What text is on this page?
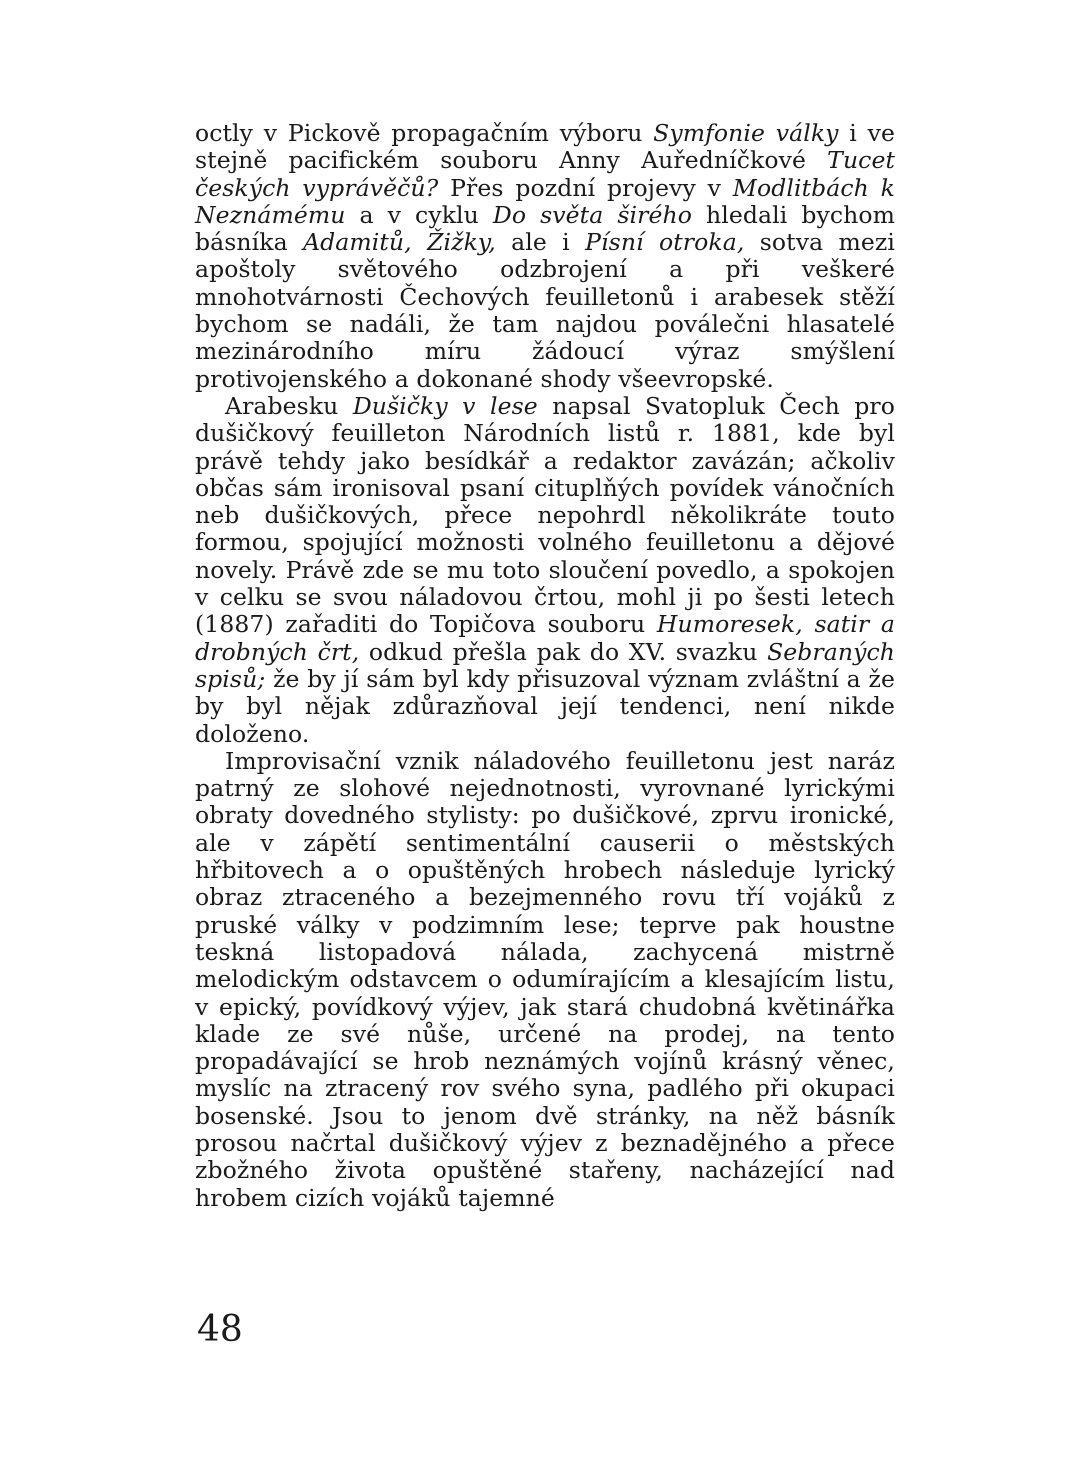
octly v Pickově propagačním výboru Symfonie války i ve stejně pacifickém souboru Anny Auředníčkové Tucet českých vyprávěčů? Přes pozdní projevy v Modlitbách k Neznámému a v cyklu Do světa širého hledali bychom básníka Adamitů, Žižky, ale i Písní otroka, sotva mezi apoštoly světového odzbrojení a při veškeré mnohotvárnosti Čechových feuilletonů i arabesek stěží bychom se nadáli, že tam najdou poválečni hlasatelé mezinárodního míru žádoucí výraz smýšlení protivojenského a dokonané shody všeevropské.

Arabesku Dušičky v lese napsal Svatopluk Čech pro dušičkový feuilleton Národních listů r. 1881, kde byl právě tehdy jako besídkář a redaktor zavázán; ačkoliv občas sám ironisoval psaní cituplňých povídek vánočních neb dušičkových, přece nepohrdl několikráte touto formou, spojující možnosti volného feuilletonu a dějové novely. Právě zde se mu toto sloučení povedlo, a spokojen v celku se svou náladovou črtou, mohl ji po šesti letech (1887) zařaditi do Topičova souboru Humoresek, satir a drobných črt, odkud přešla pak do XV. svazku Sebraných spisů; že by jí sám byl kdy přisuzoval význam zvláštní a že by byl nějak zdůrazňoval její tendenci, není nikde doloženo.

Improvisační vznik náladového feuilletonu jest naráz patrný ze slohové nejednotnosti, vyrovnané lyrickými obraty dovedného stylisty: po dušičkové, zprvu ironické, ale v zápětí sentimentální causerii o městských hřbitovech a o opuštěných hrobech následuje lyrický obraz ztraceného a bezejmenného rovu tří vojáků z pruské války v podzimním lese; teprve pak houstne teskná listopadová nálada, zachycená mistrně melodickým odstavcem o odumírajícím a klesajícím listu, v epický, povídkový výjev, jak stará chudobná květinářka klade ze své nůše, určené na prodej, na tento propadávající se hrob neznámých vojínů krásný věnec, myslíc na ztracený rov svého syna, padlého při okupaci bosenské. Jsou to jenom dvě stránky, na něž básník prosou načrtal dušičkový výjev z beznadějného a přece zbožného života opuštěné stařeny, nacházející nad hrobem cizích vojáků tajemné

48
